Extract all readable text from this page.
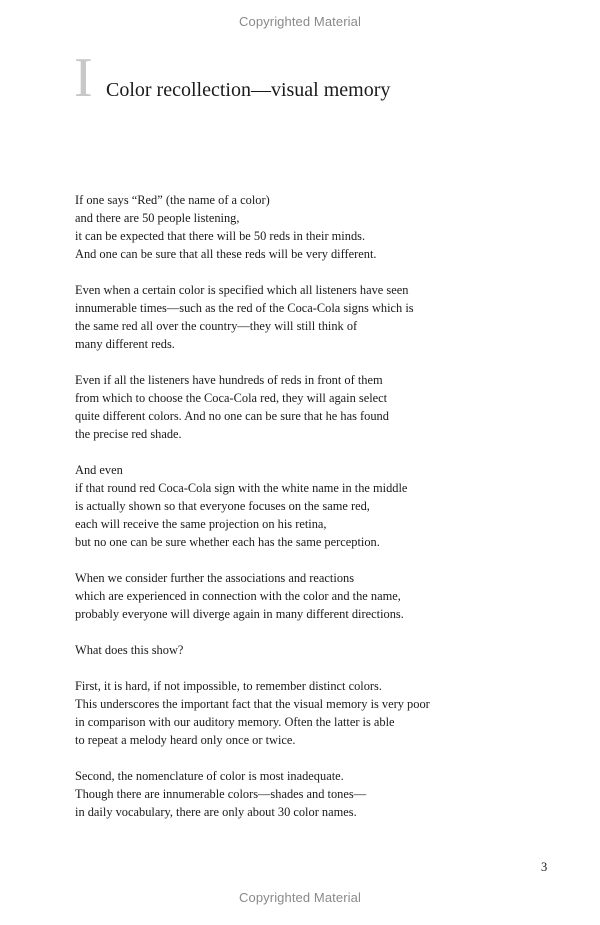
Copyrighted Material
I Color recollection—visual memory

If one says “Red” (the name of a color)
and there are 50 people listening,
it can be expected that there will be 50 reds in their minds.
And one can be sure that all these reds will be very different.

Even when a certain color is specified which all listeners have seen
innumerable times—such as the red of the Coca-Cola signs which is
the same red all over the country—they will still think of
many different reds.

Even if all the listeners have hundreds of reds in front of them
from which to choose the Coca-Cola red, they will again select
quite different colors. And no one can be sure that he has found
the precise red shade.

And even
if that round red Coca-Cola sign with the white name in the middle
is actually shown so that everyone focuses on the same red,
each will receive the same projection on his retina,
but no one can be sure whether each has the same perception.

When we consider further the associations and reactions
which are experienced in connection with the color and the name,
probably everyone will diverge again in many different directions.

What does this show?

First, it is hard, if not impossible, to remember distinct colors.
This underscores the important fact that the visual memory is very poor
in comparison with our auditory memory. Often the latter is able
to repeat a melody heard only once or twice.

Second, the nomenclature of color is most inadequate.
Though there are innumerable colors—shades and tones—
in daily vocabulary, there are only about 30 color names.

3
Copyrighted Material
